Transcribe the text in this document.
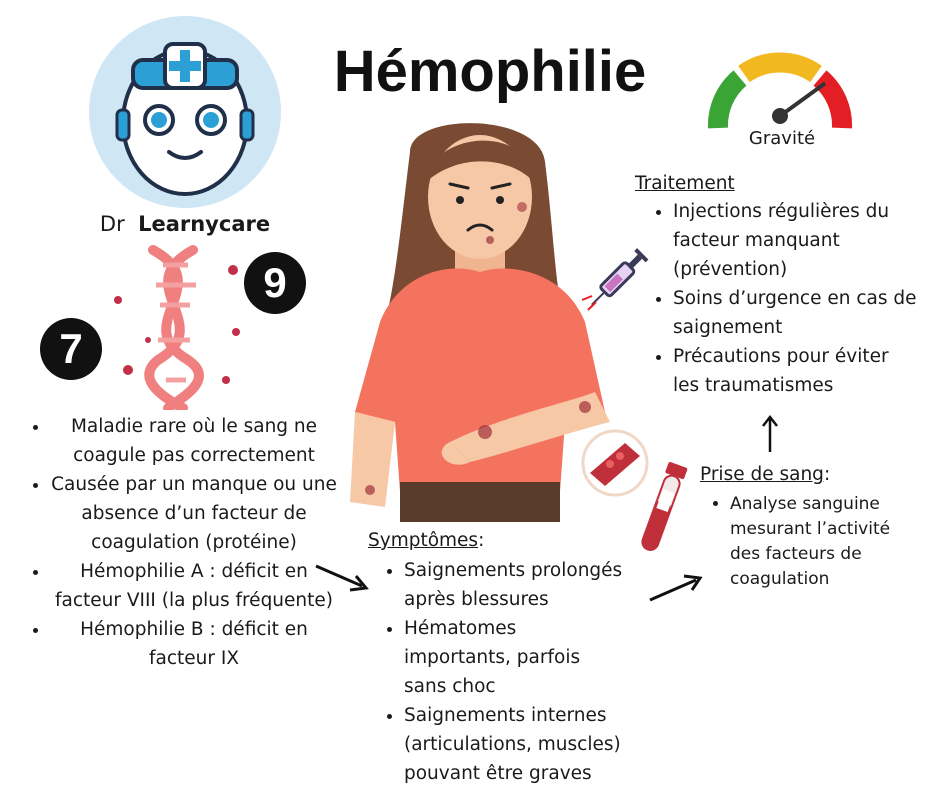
Hémophilie
Dr Learnycare
9
7
Gravité
• Maladie rare où le sang ne coagule pas correctement
• Causée par un manque ou une absence d’un facteur de coagulation (protéine)
• Hémophilie A : déficit en facteur VIII (la plus fréquente)
• Hémophilie B : déficit en facteur IX
Symptômes:
• Saignements prolongés après blessures
• Hématomes importants, parfois sans choc
• Saignements internes (articulations, muscles) pouvant être graves
Prise de sang:
• Analyse sanguine mesurant l’activité des facteurs de coagulation
Traitement
• Injections régulières du facteur manquant (prévention)
• Soins d’urgence en cas de saignement
• Précautions pour éviter les traumatismes
